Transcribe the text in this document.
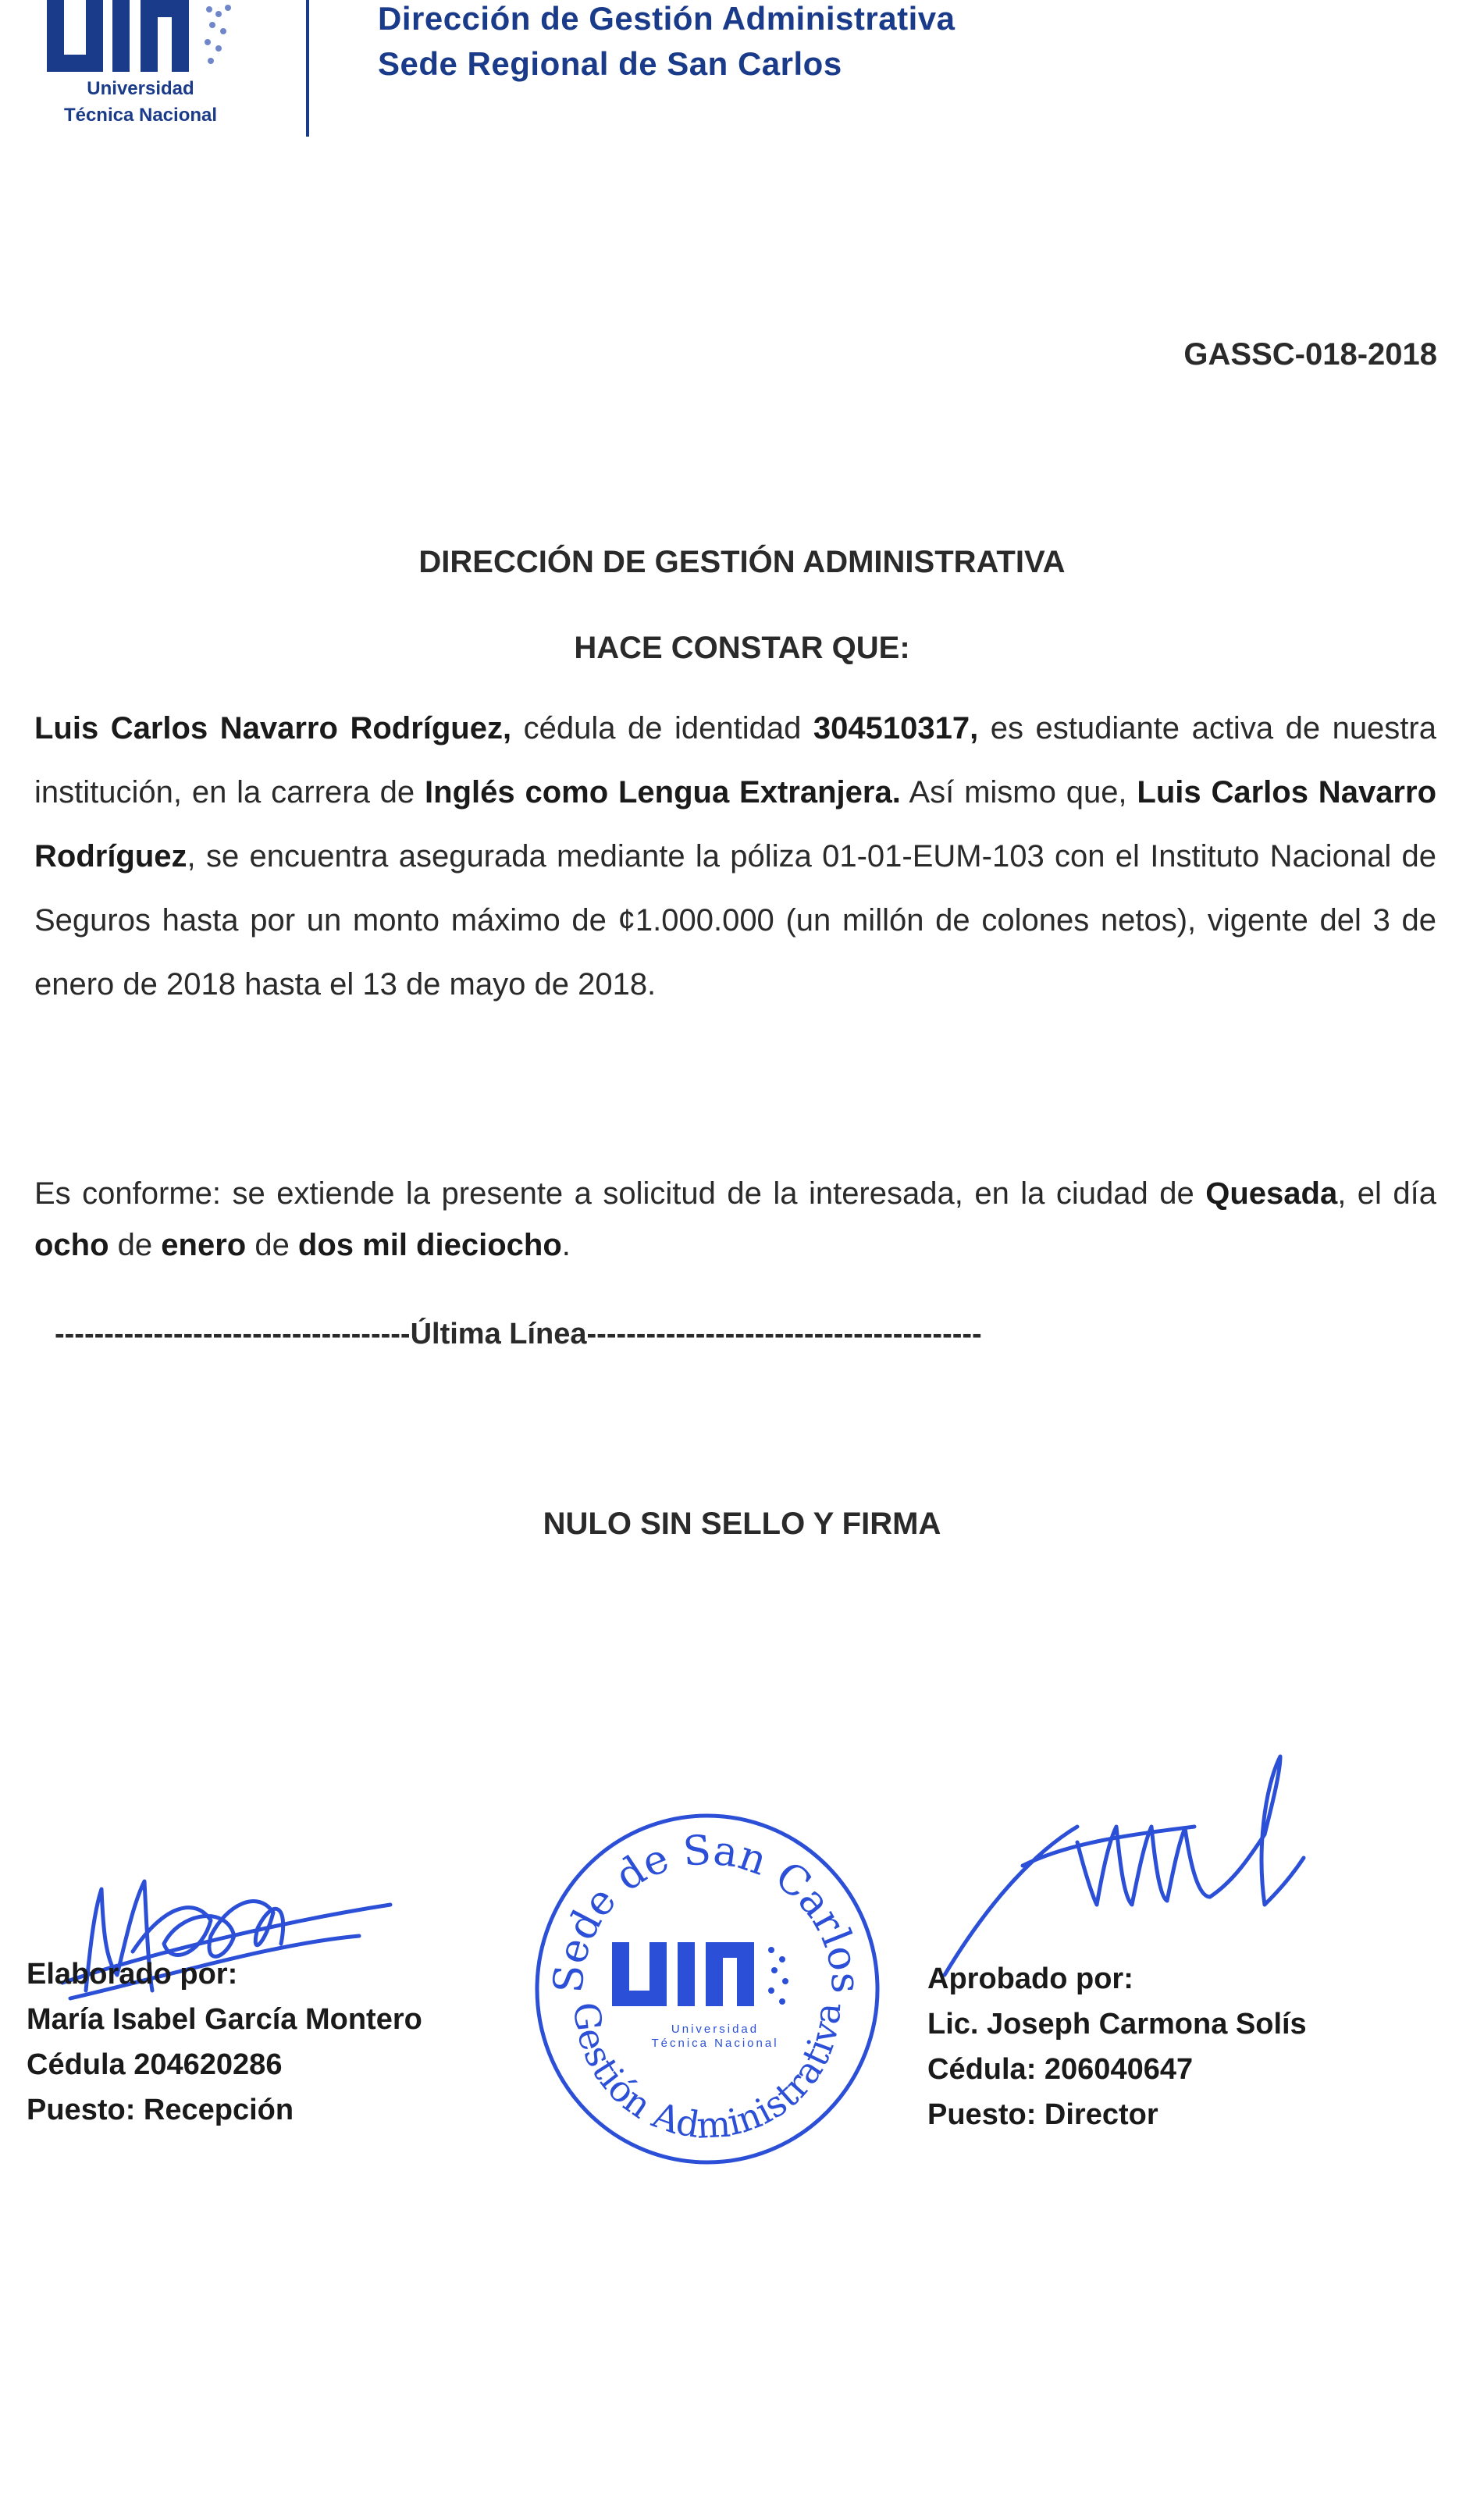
Universidad
Técnica Nacional
Dirección de Gestión Administrativa
Sede Regional de San Carlos
GASSC-018-2018
DIRECCIÓN DE GESTIÓN ADMINISTRATIVA
HACE CONSTAR QUE:
Luis Carlos Navarro Rodríguez, cédula de identidad 304510317, es estudiante activa de nuestra institución, en la carrera de Inglés como Lengua Extranjera. Así mismo que, Luis Carlos Navarro Rodríguez, se encuentra asegurada mediante la póliza 01-01-EUM-103 con el Instituto Nacional de Seguros hasta por un monto máximo de ¢1.000.000 (un millón de colones netos), vigente del 3 de enero de 2018 hasta el 13 de mayo de 2018.
Es conforme: se extiende la presente a solicitud de la interesada, en la ciudad de Quesada, el día ocho de enero de dos mil dieciocho.
------------------------------------Última Línea----------------------------------------
NULO SIN SELLO Y FIRMA
Elaborado por:
María Isabel García Montero
Cédula 204620286
Puesto: Recepción
Sede de San Carlos
Gestión Administrativa
Universidad
Técnica Nacional
Aprobado por:
Lic. Joseph Carmona Solís
Cédula: 206040647
Puesto: Director
